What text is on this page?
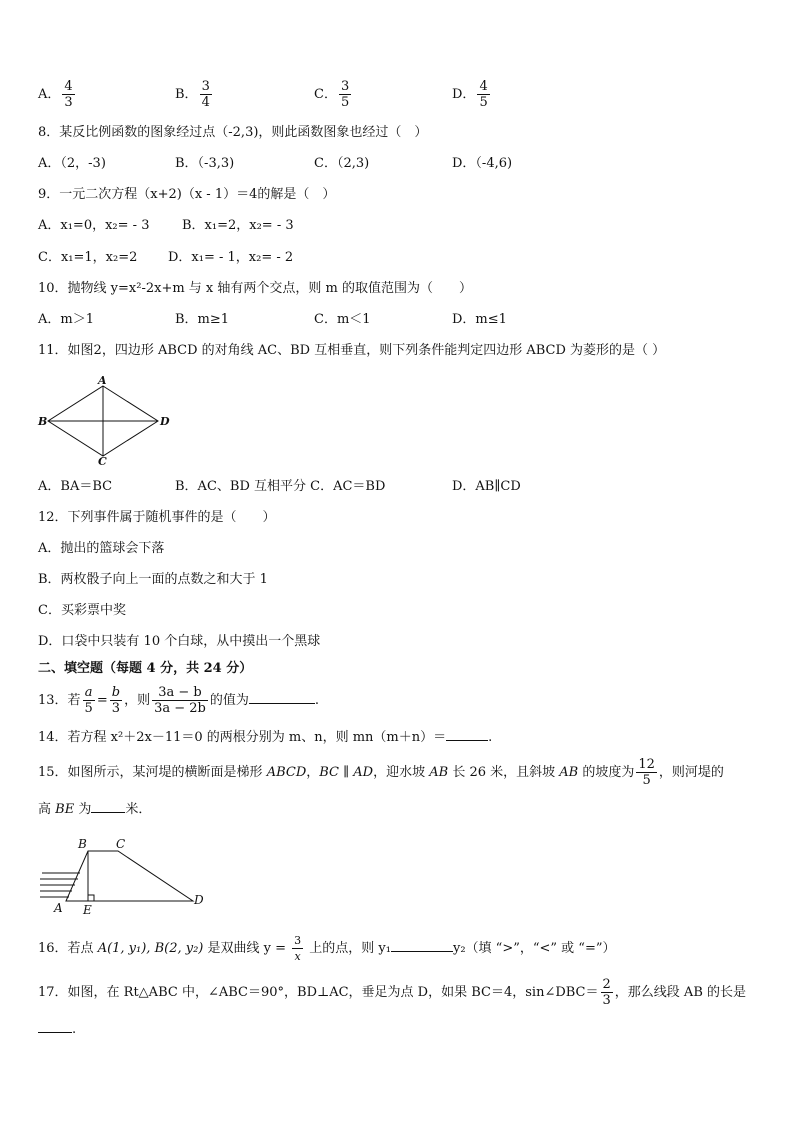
A． $\frac{4}{3}$	B． $\frac{3}{4}$	C． $\frac{3}{5}$	D． $\frac{4}{5}$
8．某反比例函数的图象经过点（-2,3)，则此函数图象也经过（　）
A．（2，-3)	B．（-3,3)	C．（2,3)	D．（-4,6)
9．一元二次方程（x+2)（x - 1）＝4的解是（　）
A．x₁=0，x₂= - 3	B．x₁=2，x₂= - 3
C．x₁=1，x₂=2 D．x₁= - 1，x₂= - 2
10．抛物线 y=x²-2x+m 与 x 轴有两个交点，则 m 的取值范围为（　　）
A．m＞1	B．m≥1	C．m＜1	D．m≤1
11．如图2，四边形 ABCD 的对角线 AC、BD 互相垂直，则下列条件能判定四边形 ABCD 为菱形的是（ ）
A
B	D
C
A．BA＝BC	B．AC、BD 互相平分 C．AC＝BD	D．AB∥CD
12．下列事件属于随机事件的是（　　）
A．抛出的篮球会下落
B．两枚骰子向上一面的点数之和大于 1
C．买彩票中奖
D．口袋中只装有 10 个白球，从中摸出一个黑球
二、填空题（每题 4 分，共 24 分）
13．若 $\frac{a}{5} = \frac{b}{3}$ ，则 $\frac{3a - b}{3a - 2b}$ 的值为	.
14．若方程 x²＋2x－11＝0 的两根分别为 m、n，则 mn（m＋n）＝	.
15．如图所示，某河堤的横断面是梯形 ABCD，BC ∥ AD，迎水坡 AB 长 26 米，且斜坡 AB 的坡度为 $\frac{12}{5}$ ，则河堤的
高 BE 为	米．
B C
A E
D
16．若点 A(1, y₁), B(2, y₂) 是双曲线 $y = \frac{3}{x}$ 上的点，则 y₁	y₂（填 “>”，“<” 或 “=”）
17．如图，在 Rt△ABC 中，∠ABC＝90°，BD⊥AC，垂足为点 D，如果 BC＝4，sin∠DBC＝ $\frac{2}{3}$ ，那么线段 AB 的长是
.
